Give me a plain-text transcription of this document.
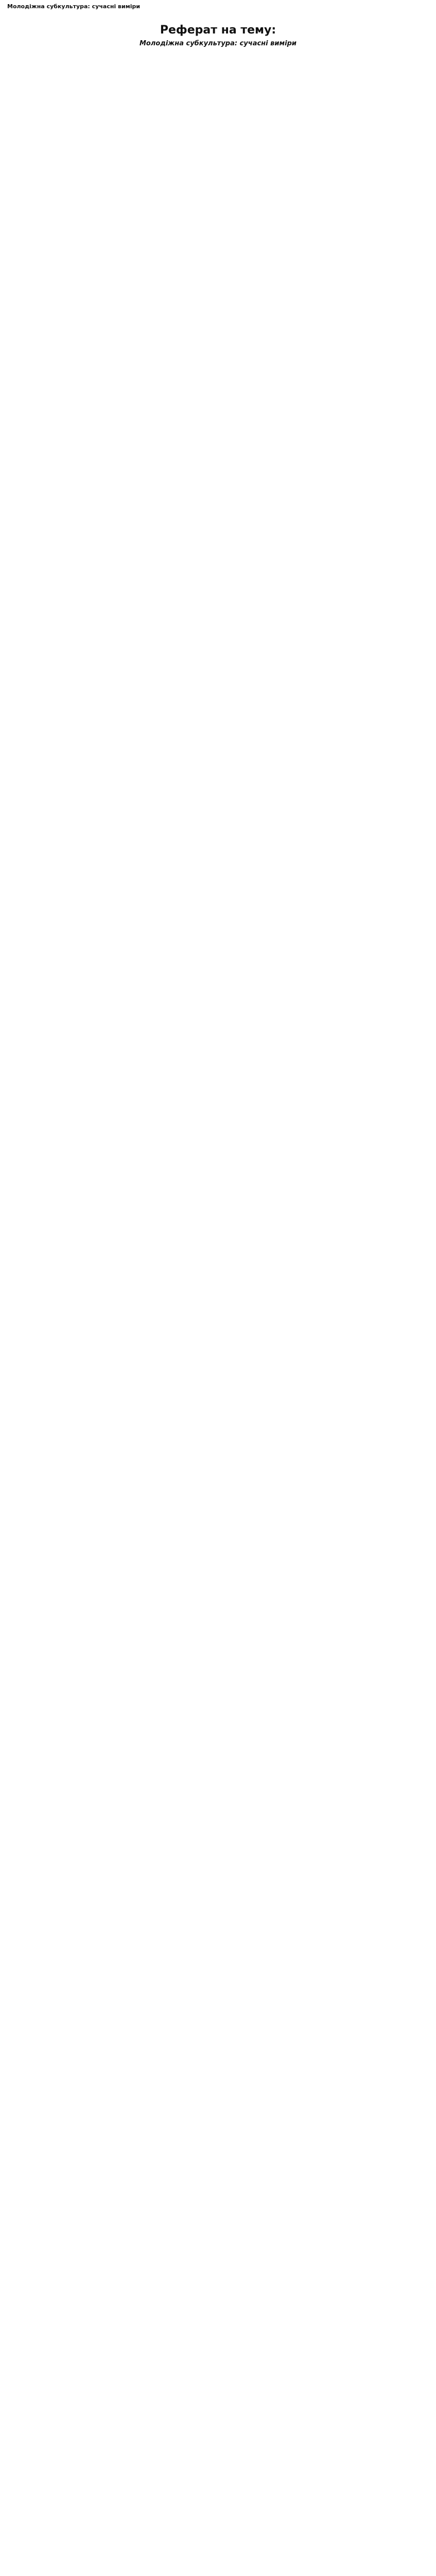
Молодіжна субкультура: сучасні виміри
Реферат на тему:
Молодіжна субкультура: сучасні виміри
